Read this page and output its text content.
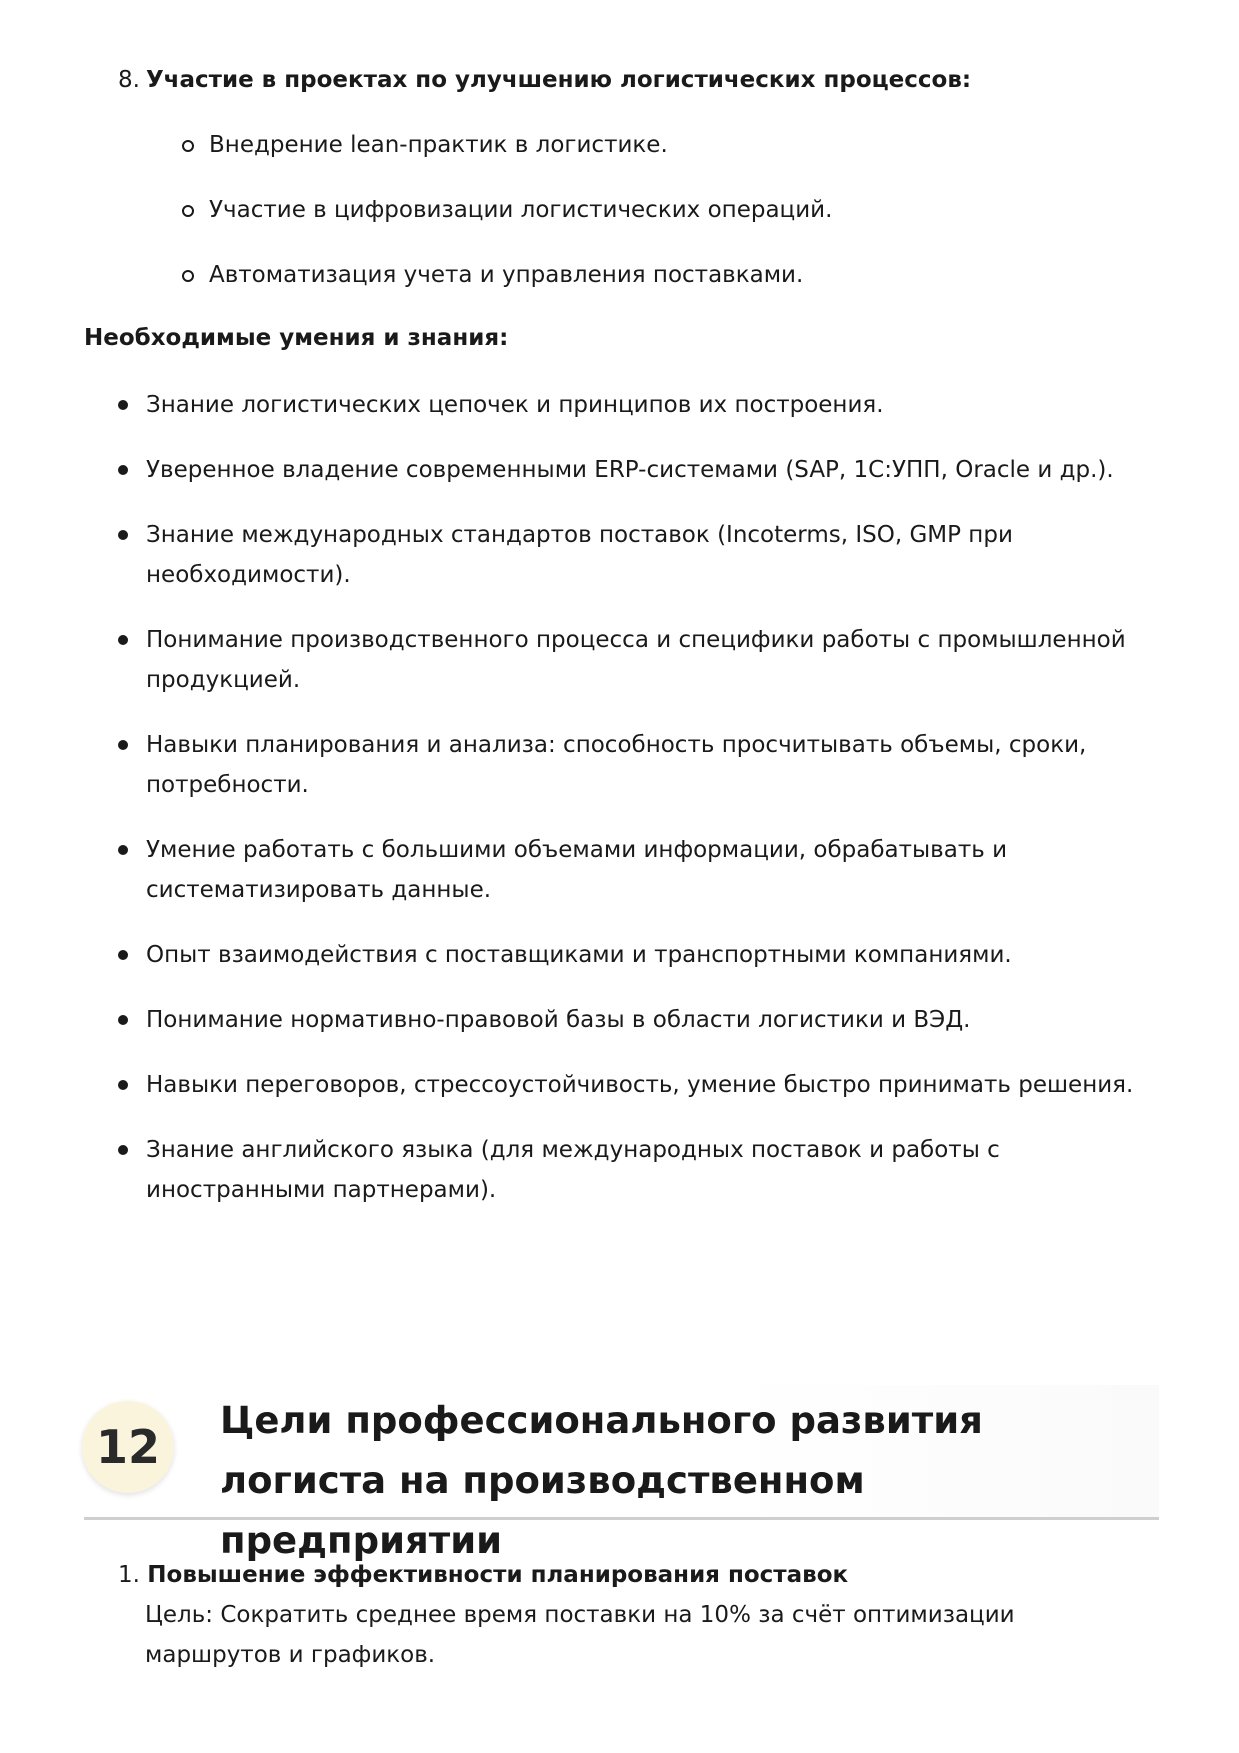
8. Участие в проектах по улучшению логистических процессов:
Внедрение lean-практик в логистике.
Участие в цифровизации логистических операций.
Автоматизация учета и управления поставками.
Необходимые умения и знания:
Знание логистических цепочек и принципов их построения.
Уверенное владение современными ERP-системами (SAP, 1С:УПП, Oracle и др.).
Знание международных стандартов поставок (Incoterms, ISO, GMP при необходимости).
Понимание производственного процесса и специфики работы с промышленной продукцией.
Навыки планирования и анализа: способность просчитывать объемы, сроки, потребности.
Умение работать с большими объемами информации, обрабатывать и систематизировать данные.
Опыт взаимодействия с поставщиками и транспортными компаниями.
Понимание нормативно-правовой базы в области логистики и ВЭД.
Навыки переговоров, стрессоустойчивость, умение быстро принимать решения.
Знание английского языка (для международных поставок и работы с иностранными партнерами).
12	Цели профессионального развития логиста на производственном предприятии
1. Повышение эффективности планирования поставок
Цель: Сократить среднее время поставки на 10% за счёт оптимизации маршрутов и графиков.
